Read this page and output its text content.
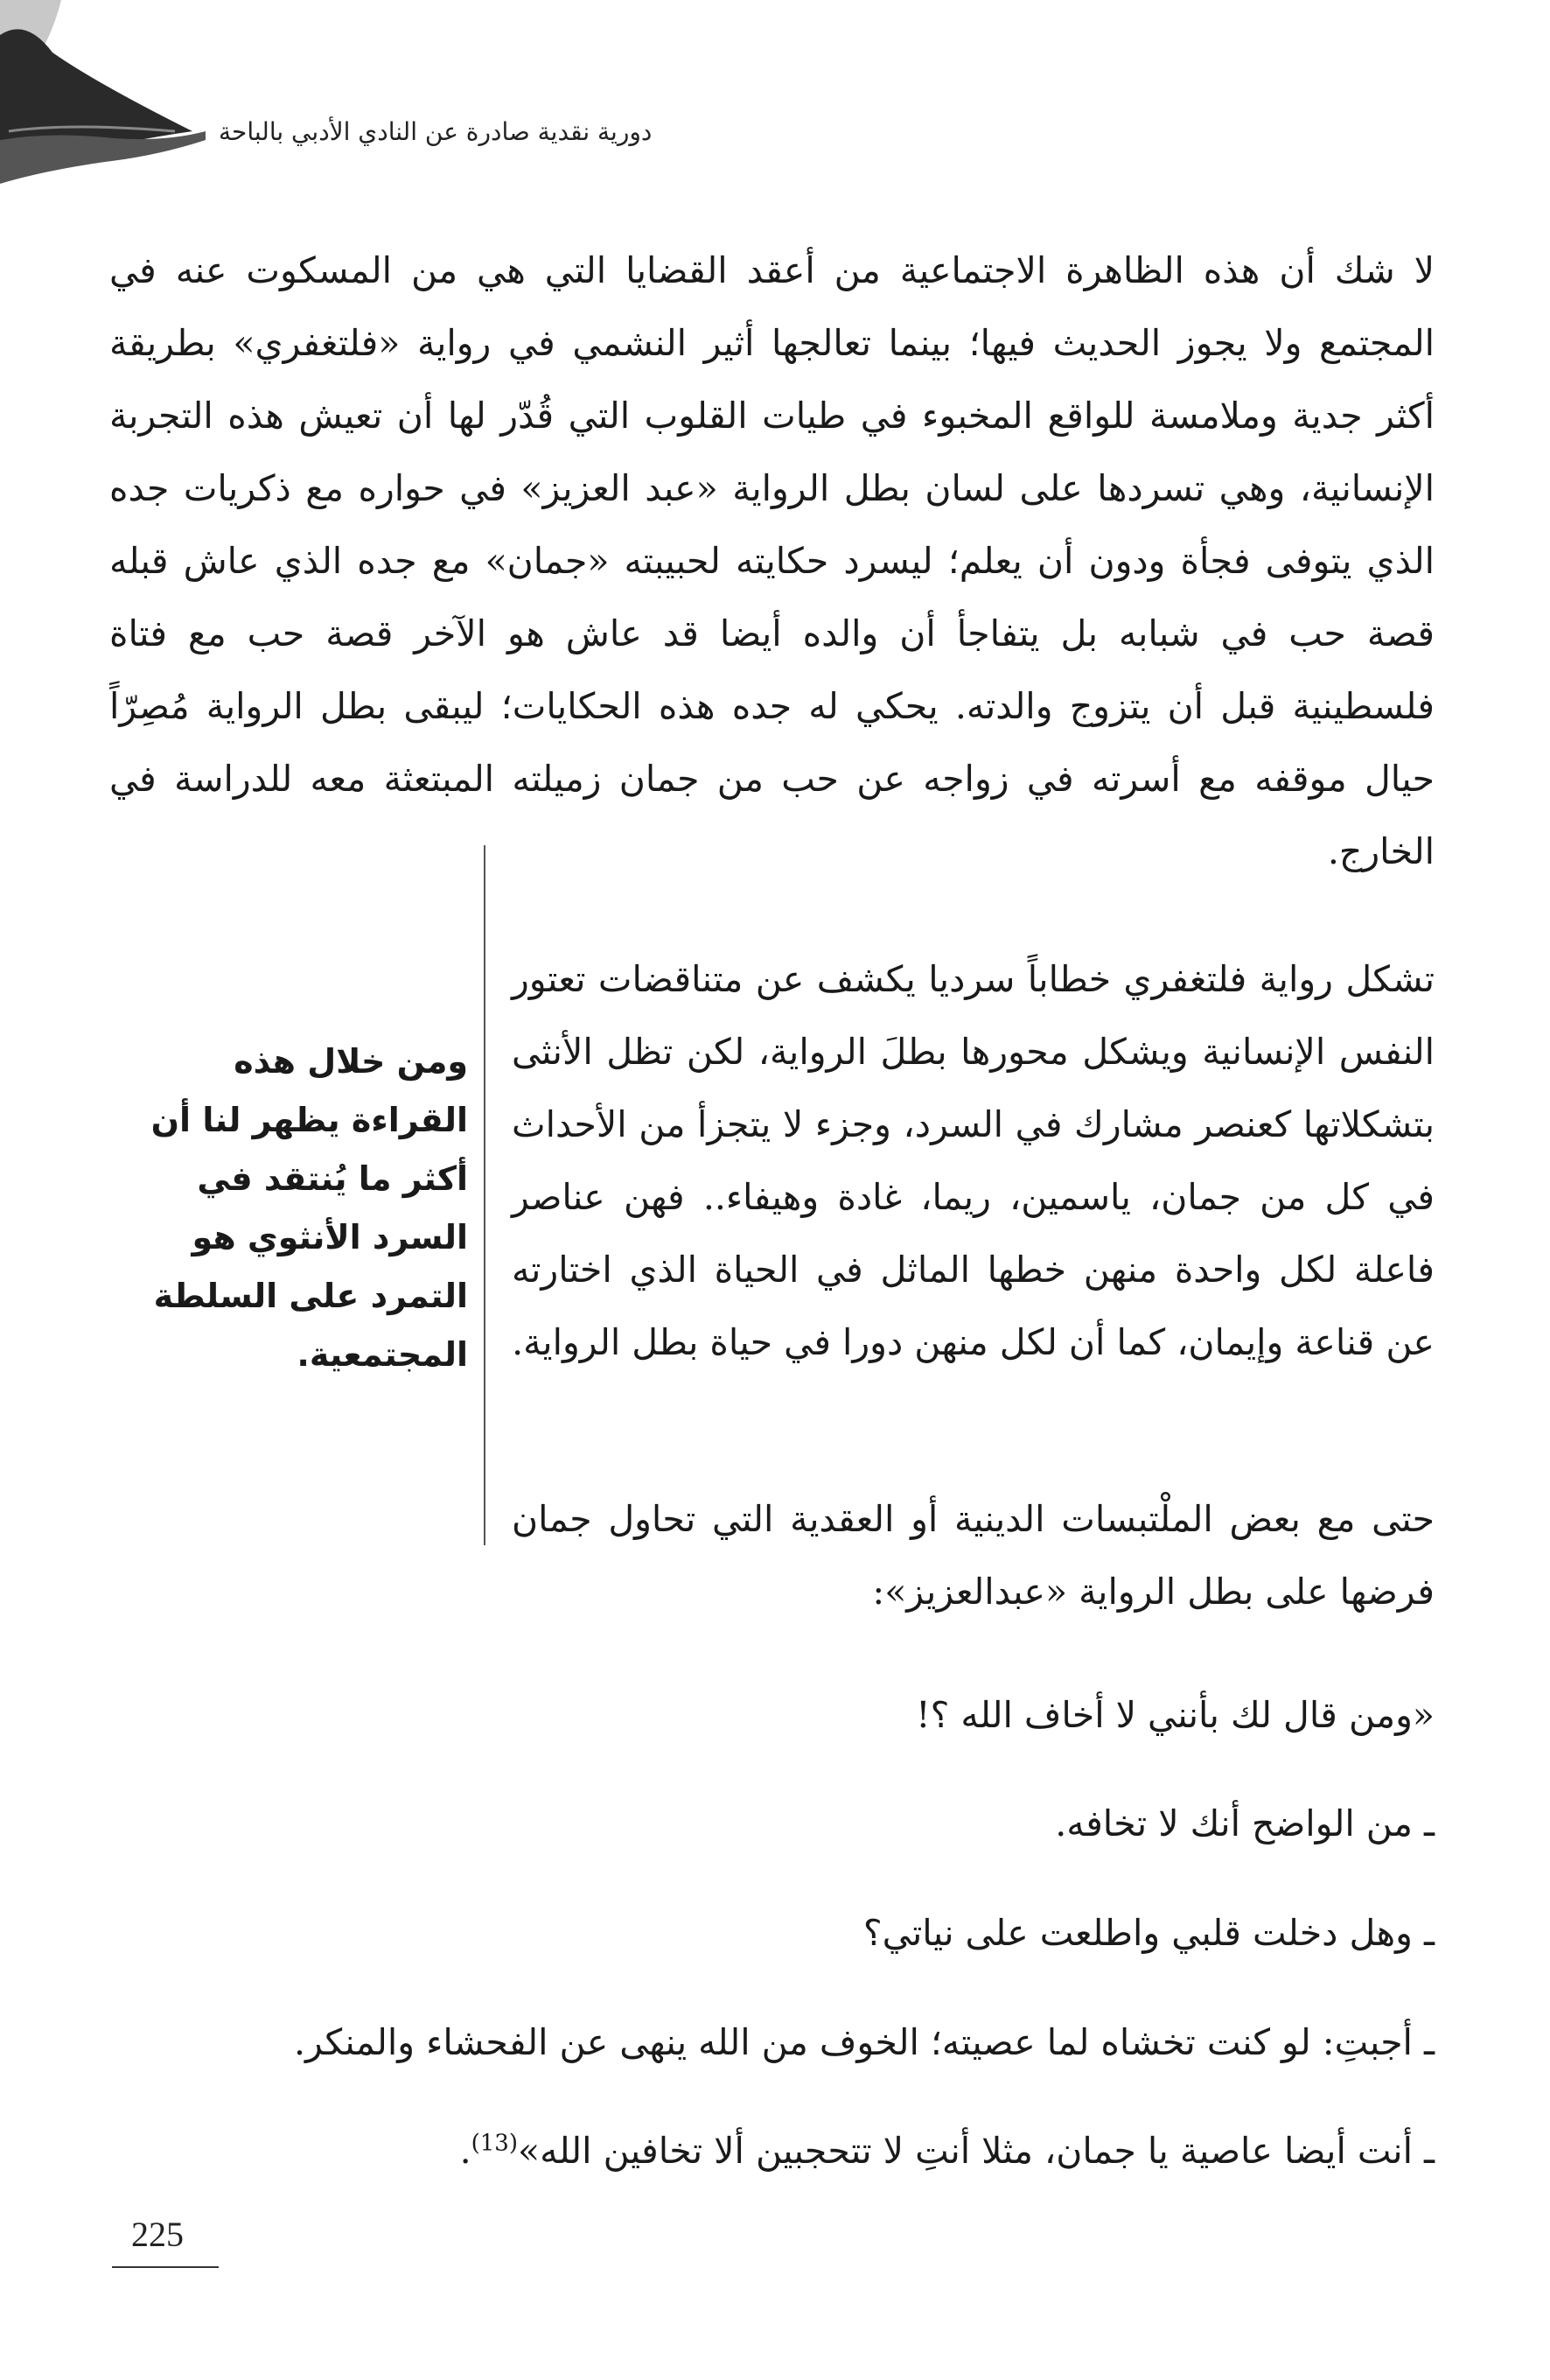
دورية نقدية صادرة عن النادي الأدبي بالباحة

لا شك أن هذه الظاهرة الاجتماعية من أعقد القضايا التي هي من المسكوت عنه في المجتمع ولا يجوز الحديث فيها؛ بينما تعالجها أثير النشمي في رواية «فلتغفري» بطريقة أكثر جدية وملامسة للواقع المخبوء في طيات القلوب التي قُدّر لها أن تعيش هذه التجربة الإنسانية، وهي تسردها على لسان بطل الرواية «عبد العزيز» في حواره مع ذكريات جده الذي يتوفى فجأة ودون أن يعلم؛ ليسرد حكايته لحبيبته «جمان» مع جده الذي عاش قبله قصة حب في شبابه بل يتفاجأ أن والده أيضا قد عاش هو الآخر قصة حب مع فتاة فلسطينية قبل أن يتزوج والدته. يحكي له جده هذه الحكايات؛ ليبقى بطل الرواية مُصِرّاً حيال موقفه مع أسرته في زواجه عن حب من جمان زميلته المبتعثة معه للدراسة في الخارج.

ومن خلال هذه القراءة يظهر لنا أن أكثر ما يُنتقد في السرد الأنثوي هو التمرد على السلطة المجتمعية.

تشكل رواية فلتغفري خطاباً سرديا يكشف عن متناقضات تعتور النفس الإنسانية ويشكل محورها بطلَ الرواية، لكن تظل الأنثى بتشكلاتها كعنصر مشارك في السرد، وجزء لا يتجزأ من الأحداث في كل من جمان، ياسمين، ريما، غادة وهيفاء.. فهن عناصر فاعلة لكل واحدة منهن خطها الماثل في الحياة الذي اختارته عن قناعة وإيمان، كما أن لكل منهن دورا في حياة بطل الرواية.

حتى مع بعض الملْتبسات الدينية أو العقدية التي تحاول جمان فرضها على بطل الرواية «عبدالعزيز»:

«ومن قال لك بأنني لا أخاف الله ؟!
ـ من الواضح أنك لا تخافه.
ـ وهل دخلت قلبي واطلعت على نياتي؟
ـ أجبتِ: لو كنت تخشاه لما عصيته؛ الخوف من الله ينهى عن الفحشاء والمنكر.
ـ أنت أيضا عاصية يا جمان، مثلا أنتِ لا تتحجبين ألا تخافين الله»$^{(13)}$.
225
